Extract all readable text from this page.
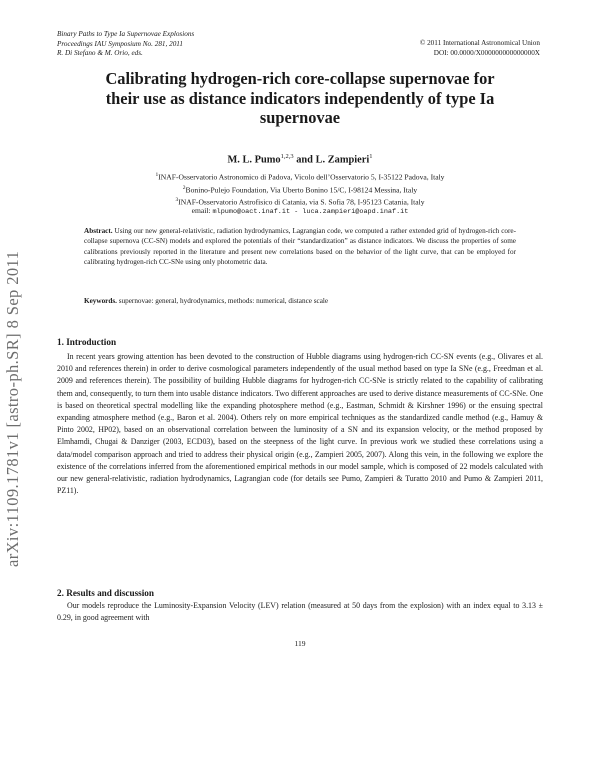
Binary Paths to Type Ia Supernovae Explosions
Proceedings IAU Symposium No. 281, 2011
R. Di Stefano & M. Orio, eds.
© 2011 International Astronomical Union
DOI: 00.0000/X000000000000000X
arXiv:1109.1781v1 [astro-ph.SR] 8 Sep 2011
Calibrating hydrogen-rich core-collapse supernovae for their use as distance indicators independently of type Ia supernovae
M. L. Pumo$^{1,2,3}$ and L. Zampieri$^1$
$^1$INAF-Osservatorio Astronomico di Padova, Vicolo dell’Osservatorio 5, I-35122 Padova, Italy
$^2$Bonino-Pulejo Foundation, Via Uberto Bonino 15/C, I-98124 Messina, Italy
$^3$INAF-Osservatorio Astrofisico di Catania, via S. Sofia 78, I-95123 Catania, Italy
email: mlpumo@oact.inaf.it - luca.zampieri@oapd.inaf.it
Abstract. Using our new general-relativistic, radiation hydrodynamics, Lagrangian code, we computed a rather extended grid of hydrogen-rich core-collapse supernova (CC-SN) models and explored the potentials of their “standardization” as distance indicators. We discuss the properties of some calibrations previously reported in the literature and present new correlations based on the behavior of the light curve, that can be employed for calibrating hydrogen-rich CC-SNe using only photometric data.
Keywords. supernovae: general, hydrodynamics, methods: numerical, distance scale
1. Introduction

In recent years growing attention has been devoted to the construction of Hubble diagrams using hydrogen-rich CC-SN events (e.g., Olivares et al. 2010 and references therein) in order to derive cosmological parameters independently of the usual method based on type Ia SNe (e.g., Freedman et al. 2009 and references therein). The possibility of building Hubble diagrams for hydrogen-rich CC-SNe is strictly related to the capability of calibrating them and, consequently, to turn them into usable distance indicators. Two different approaches are used to derive distance measurements of CC-SNe. One is based on theoretical spectral modelling like the expanding photosphere method (e.g., Eastman, Schmidt & Kirshner 1996) or the ensuing spectral expanding atmosphere method (e.g., Baron et al. 2004). Others rely on more empirical techniques as the standardized candle method (e.g., Hamuy & Pinto 2002, HP02), based on an observational correlation between the luminosity of a SN and its expansion velocity, or the method proposed by Elmhamdi, Chugai & Danziger (2003, ECD03), based on the steepness of the light curve. In previous work we studied these correlations using a data/model comparison approach and tried to address their physical origin (e.g., Zampieri 2005, 2007). Along this vein, in the following we explore the existence of the correlations inferred from the aforementioned empirical methods in our model sample, which is composed of 22 models calculated with our new general-relativistic, radiation hydrodynamics, Lagrangian code (for details see Pumo, Zampieri & Turatto 2010 and Pumo & Zampieri 2011, PZ11).

2. Results and discussion

Our models reproduce the Luminosity-Expansion Velocity (LEV) relation (measured at 50 days from the explosion) with an index equal to 3.13 ± 0.29, in good agreement with

119
